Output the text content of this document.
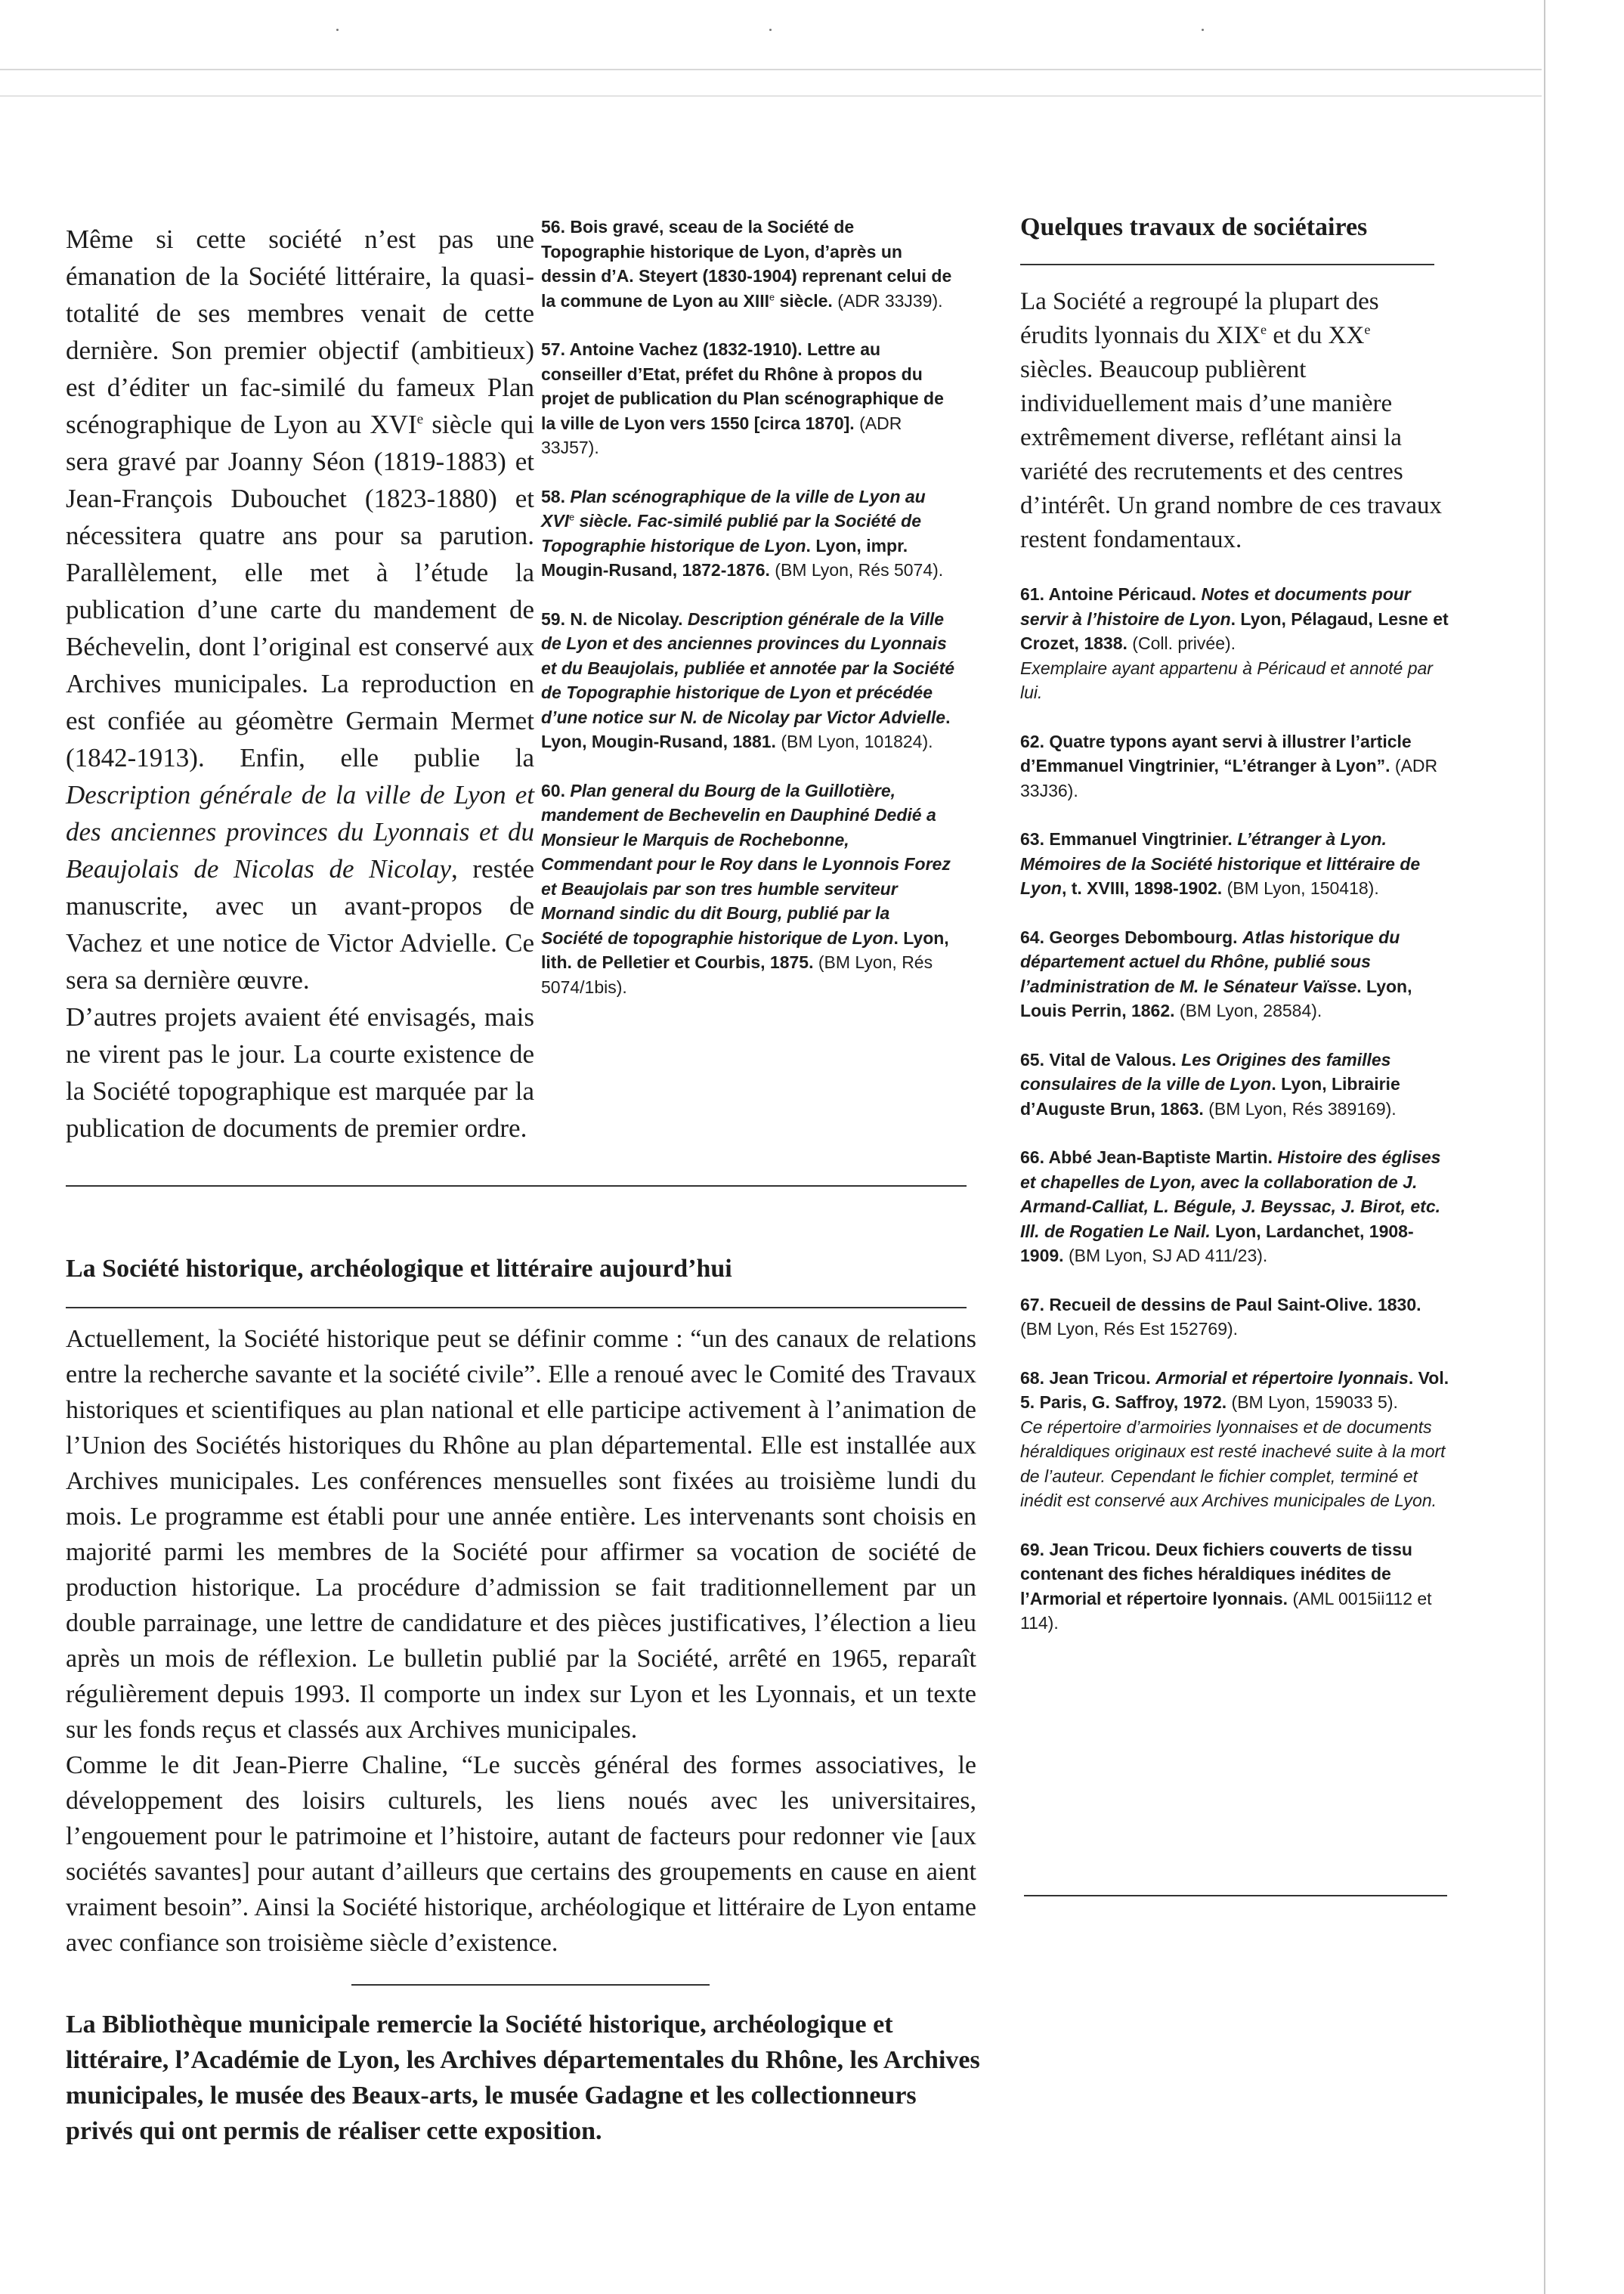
Même si cette société n’est pas une émanation de la Société littéraire, la quasi-totalité de ses membres venait de cette dernière. Son premier objectif (ambitieux) est d’éditer un fac-similé du fameux Plan scénographique de Lyon au XVIe siècle qui sera gravé par Joanny Séon (1819-1883) et Jean-François Dubouchet (1823-1880) et nécessitera quatre ans pour sa parution. Parallèlement, elle met à l’étude la publication d’une carte du mandement de Béchevelin, dont l’original est conservé aux Archives municipales. La reproduction en est confiée au géomètre Germain Mermet (1842-1913). Enfin, elle publie la Description générale de la ville de Lyon et des anciennes provinces du Lyonnais et du Beaujolais de Nicolas de Nicolay, restée manuscrite, avec un avant-propos de Vachez et une notice de Victor Advielle. Ce sera sa dernière œuvre.

D’autres projets avaient été envisagés, mais ne virent pas le jour. La courte existence de la Société topographique est marquée par la publication de documents de premier ordre.

56. Bois gravé, sceau de la Société de Topographie historique de Lyon, d’après un dessin d’A. Steyert (1830-1904) reprenant celui de la commune de Lyon au XIIIe siècle. (ADR 33J39).

57. Antoine Vachez (1832-1910). Lettre au conseiller d’Etat, préfet du Rhône à propos du projet de publication du Plan scénographique de la ville de Lyon vers 1550 [circa 1870]. (ADR 33J57).

58. Plan scénographique de la ville de Lyon au XVIe siècle. Fac-similé publié par la Société de Topographie historique de Lyon. Lyon, impr. Mougin-Rusand, 1872-1876. (BM Lyon, Rés 5074).

59. N. de Nicolay. Description générale de la Ville de Lyon et des anciennes provinces du Lyonnais et du Beaujolais, publiée et annotée par la Société de Topographie historique de Lyon et précédée d’une notice sur N. de Nicolay par Victor Advielle. Lyon, Mougin-Rusand, 1881. (BM Lyon, 101824).

60. Plan general du Bourg de la Guillotière, mandement de Bechevelin en Dauphiné Dedié a Monsieur le Marquis de Rochebonne, Commendant pour le Roy dans le Lyonnois Forez et Beaujolais par son tres humble serviteur Mornand sindic du dit Bourg, publié par la Société de topographie historique de Lyon. Lyon, lith. de Pelletier et Courbis, 1875. (BM Lyon, Rés 5074/1bis).

Quelques travaux de sociétaires

La Société a regroupé la plupart des érudits lyonnais du XIXe et du XXe siècles. Beaucoup publièrent individuellement mais d’une manière extrêmement diverse, reflétant ainsi la variété des recrutements et des centres d’intérêt. Un grand nombre de ces travaux restent fondamentaux.

61. Antoine Péricaud. Notes et documents pour servir à l’histoire de Lyon. Lyon, Pélagaud, Lesne et Crozet, 1838. (Coll. privée).
Exemplaire ayant appartenu à Péricaud et annoté par lui.

62. Quatre typons ayant servi à illustrer l’article d’Emmanuel Vingtrinier, “L’étranger à Lyon”. (ADR 33J36).

63. Emmanuel Vingtrinier. L’étranger à Lyon. Mémoires de la Société historique et littéraire de Lyon, t. XVIII, 1898-1902. (BM Lyon, 150418).

64. Georges Debombourg. Atlas historique du département actuel du Rhône, publié sous l’administration de M. le Sénateur Vaïsse. Lyon, Louis Perrin, 1862. (BM Lyon, 28584).

65. Vital de Valous. Les Origines des familles consulaires de la ville de Lyon. Lyon, Librairie d’Auguste Brun, 1863. (BM Lyon, Rés 389169).

66. Abbé Jean-Baptiste Martin. Histoire des églises et chapelles de Lyon, avec la collaboration de J. Armand-Calliat, L. Bégule, J. Beyssac, J. Birot, etc. Ill. de Rogatien Le Nail. Lyon, Lardanchet, 1908-1909. (BM Lyon, SJ AD 411/23).

67. Recueil de dessins de Paul Saint-Olive. 1830. (BM Lyon, Rés Est 152769).

68. Jean Tricou. Armorial et répertoire lyonnais. Vol. 5. Paris, G. Saffroy, 1972. (BM Lyon, 159033 5).
Ce répertoire d’armoiries lyonnaises et de documents héraldiques originaux est resté inachevé suite à la mort de l’auteur. Cependant le fichier complet, terminé et inédit est conservé aux Archives municipales de Lyon.

69. Jean Tricou. Deux fichiers couverts de tissu contenant des fiches héraldiques inédites de l’Armorial et répertoire lyonnais. (AML 0015ii112 et 114).

La Société historique, archéologique et littéraire aujourd’hui

Actuellement, la Société historique peut se définir comme : “un des canaux de relations entre la recherche savante et la société civile”. Elle a renoué avec le Comité des Travaux historiques et scientifiques au plan national et elle participe activement à l’animation de l’Union des Sociétés historiques du Rhône au plan départemental. Elle est installée aux Archives municipales. Les conférences mensuelles sont fixées au troisième lundi du mois. Le programme est établi pour une année entière. Les intervenants sont choisis en majorité parmi les membres de la Société pour affirmer sa vocation de société de production historique. La procédure d’admission se fait traditionnellement par un double parrainage, une lettre de candidature et des pièces justificatives, l’élection a lieu après un mois de réflexion. Le bulletin publié par la Société, arrêté en 1965, reparaît régulièrement depuis 1993. Il comporte un index sur Lyon et les Lyonnais, et un texte sur les fonds reçus et classés aux Archives municipales.

Comme le dit Jean-Pierre Chaline, “Le succès général des formes associatives, le développement des loisirs culturels, les liens noués avec les universitaires, l’engouement pour le patrimoine et l’histoire, autant de facteurs pour redonner vie [aux sociétés savantes] pour autant d’ailleurs que certains des groupements en cause en aient vraiment besoin”. Ainsi la Société historique, archéologique et littéraire de Lyon entame avec confiance son troisième siècle d’existence.

La Bibliothèque municipale remercie la Société historique, archéologique et littéraire, l’Académie de Lyon, les Archives départementales du Rhône, les Archives municipales, le musée des Beaux-arts, le musée Gadagne et les collectionneurs privés qui ont permis de réaliser cette exposition.
